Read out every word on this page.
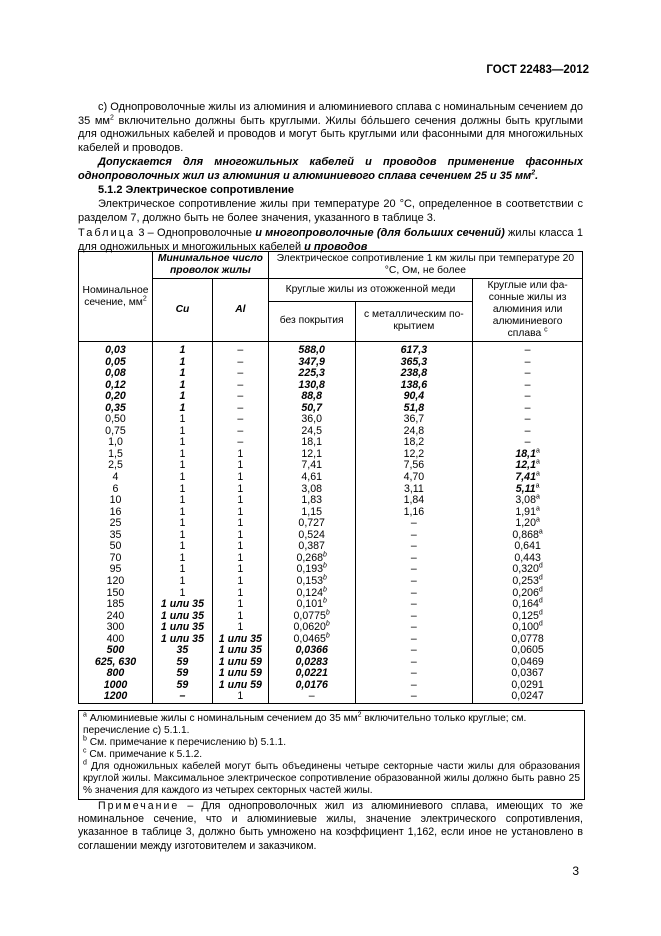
ГОСТ 22483—2012
с) Однопроволочные жилы из алюминия и алюминиевого сплава с номинальным сечением до 35 $мм^2$ включительно должны быть круглыми. Жилы бо́льшего сечения должны быть круглыми для одножильных кабелей и проводов и могут быть круглыми или фасонными для многожильных кабелей и проводов.
Допускается для многожильных кабелей и проводов применение фасонных однопроволочных жил из алюминия и алюминиевого сплава сечением 25 и 35 $мм^2$.
5.1.2 Электрическое сопротивление
Электрическое сопротивление жилы при температуре 20 °С, определенное в соответствии с разделом 7, должно быть не более значения, указанного в таблице 3.
Таблица 3 – Однопроволочные и многопроволочные (для больших сечений) жилы класса 1 для одножильных и многожильных кабелей и проводов
Номинальное сечение, $мм^2$	Минимальное число проволок жилы		Электрическое сопротивление 1 км жилы при температуре 20 °С, Ом, не более		
	Cu	Al	Круглые жилы из отожженной меди		Круглые или фа-сонные жилы из алюминия или алюминиевого сплава $^c$
			без покрытия	с металлическим по-крытием	
0,03	1	–	588,0	617,3	–
0,05	1	–	347,9	365,3	–
0,08	1	–	225,3	238,8	–
0,12	1	–	130,8	138,6	–
0,20	1	–	88,8	90,4	–
0,35	1	–	50,7	51,8	–
0,50	1	–	36,0	36,7	–
0,75	1	–	24,5	24,8	–
1,0	1	–	18,1	18,2	–
1,5	1	1	12,1	12,2	18,1$^a$
2,5	1	1	7,41	7,56	12,1$^a$
4	1	1	4,61	4,70	7,41$^a$
6	1	1	3,08	3,11	5,11$^a$
10	1	1	1,83	1,84	3,08$^a$
16	1	1	1,15	1,16	1,91$^a$
25	1	1	0,727	–	1,20$^a$
35	1	1	0,524	–	0,868$^a$
50	1	1	0,387	–	0,641
70	1	1	0,268$^b$	–	0,443
95	1	1	0,193$^b$	–	0,320$^d$
120	1	1	0,153$^b$	–	0,253$^d$
150	1	1	0,124$^b$	–	0,206$^d$
185	1 или 35	1	0,101$^b$	–	0,164$^d$
240	1 или 35	1	0,0775$^b$	–	0,125$^d$
300	1 или 35	1	0,0620$^b$	–	0,100$^d$
400	1 или 35	1 или 35	0,0465$^b$	–	0,0778
500	35	1 или 35	0,0366	–	0,0605
625, 630	59	1 или 59	0,0283	–	0,0469
800	59	1 или 59	0,0221	–	0,0367
1000	59	1 или 59	0,0176	–	0,0291
1200	–	1	–	–	0,0247
$^a$ Алюминиевые жилы с номинальным сечением до 35 $мм^2$ включительно только круглые; см. перечисление с) 5.1.1.
$^b$ См. примечание к перечислению b) 5.1.1.
$^c$ См. примечание к 5.1.2.
$^d$ Для одножильных кабелей могут быть объединены четыре секторные части жилы для образования круглой жилы. Максимальное электрическое сопротивление образованной жилы должно быть равно 25 % значения для каждого из четырех секторных частей жилы.
Примечание – Для однопроволочных жил из алюминиевого сплава, имеющих то же номинальное сечение, что и алюминиевые жилы, значение электрического сопротивления, указанное в таблице 3, должно быть умножено на коэффициент 1,162, если иное не установлено в соглашении между изготовителем и заказчиком.
3
